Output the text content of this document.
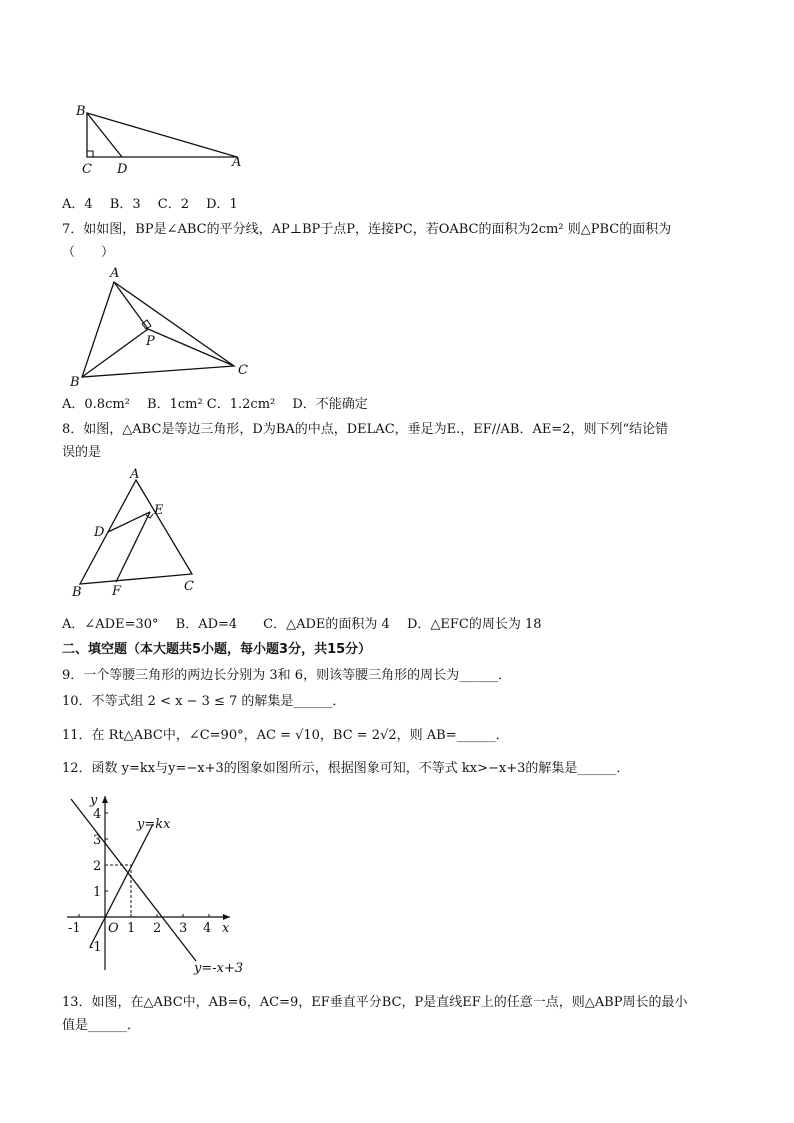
B
C D	A
A．4　 B．3　 C．2　 D．1
7．如如图，BP是∠ABC的平分线，AP⊥BP于点P，连接PC，若OABC的面积为2cm² 则△PBC的面积为
（　　）
A
P
B
C
A．0.8cm²　 B．1cm² C．1.2cm²　 D．不能确定
8．如图，△ABC是等边三角形，D为BA的中点，DELAC，垂足为E.，EF//AB．AE=2，则下列“结论错
误的是
A
D
E
B F	C
A．∠ADE=30°　 B．AD=4　　C．△ADE的面积为 4　 D．△EFC的周长为 18
二、填空题（本大题共5小题，每小题3分，共15分）
9．一个等腰三角形的两边长分别为 3和 6，则该等腰三角形的周长为______．
10．不等式组 2 < x − 3 ≤ 7 的解集是______．
11．在 Rt△ABC中，∠C=90°，AC = √10，BC = 2√2，则 AB=______．
12．函数 y=kx与y=−x+3的图象如图所示，根据图象可知，不等式 kx>−x+3的解集是______．
y
x
O
4
3
2
1
-1
-1	1 2 3 4
y=kx
y=-x+3
13．如图，在△ABC中，AB=6，AC=9，EF垂直平分BC，P是直线EF上的任意一点，则△ABP周长的最小
值是______．
